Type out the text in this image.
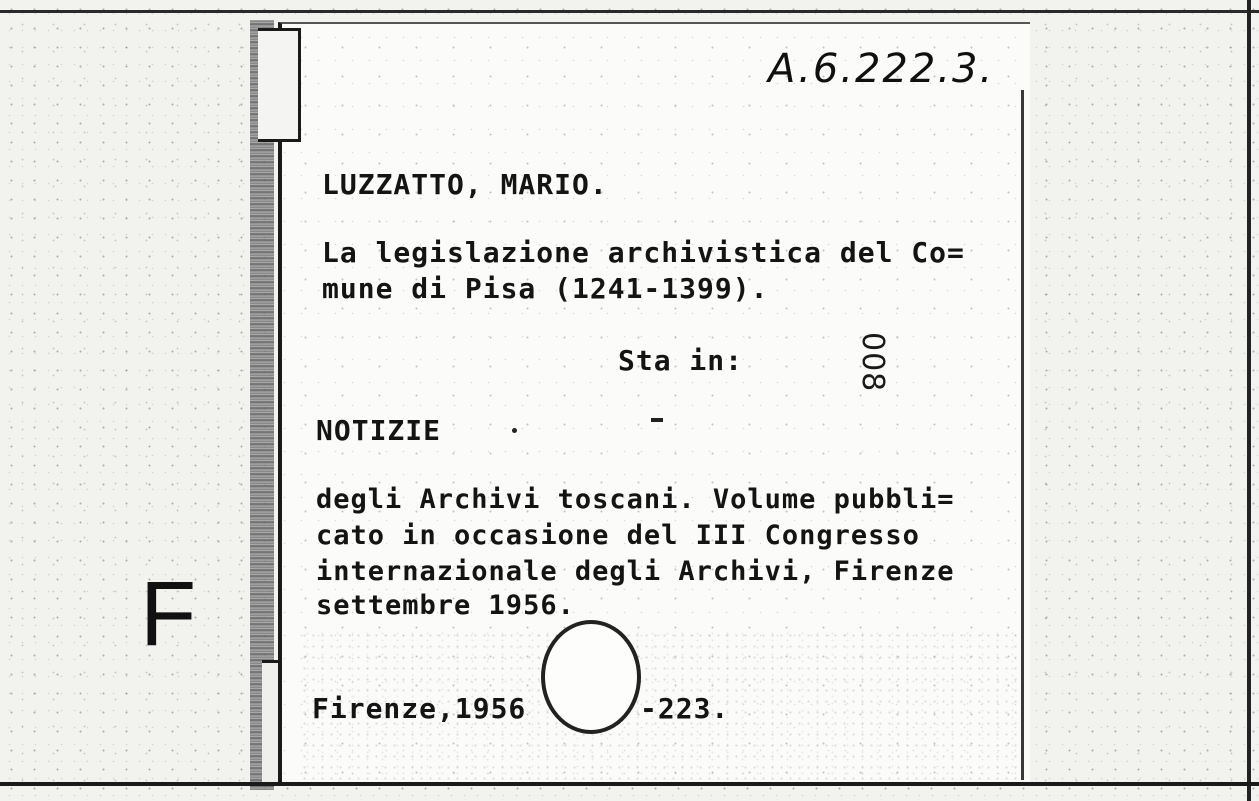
F
A.6.222.3.
LUZZATTO, MARIO.
La legislazione archivistica del Co=
mune di Pisa (1241-1399).
Sta in:	008
NOTIZIE
degli Archivi toscani. Volume pubbli=
cato in occasione del III Congresso
internazionale degli Archivi, Firenze
settembre 1956.
Firenze,1956	-223.
